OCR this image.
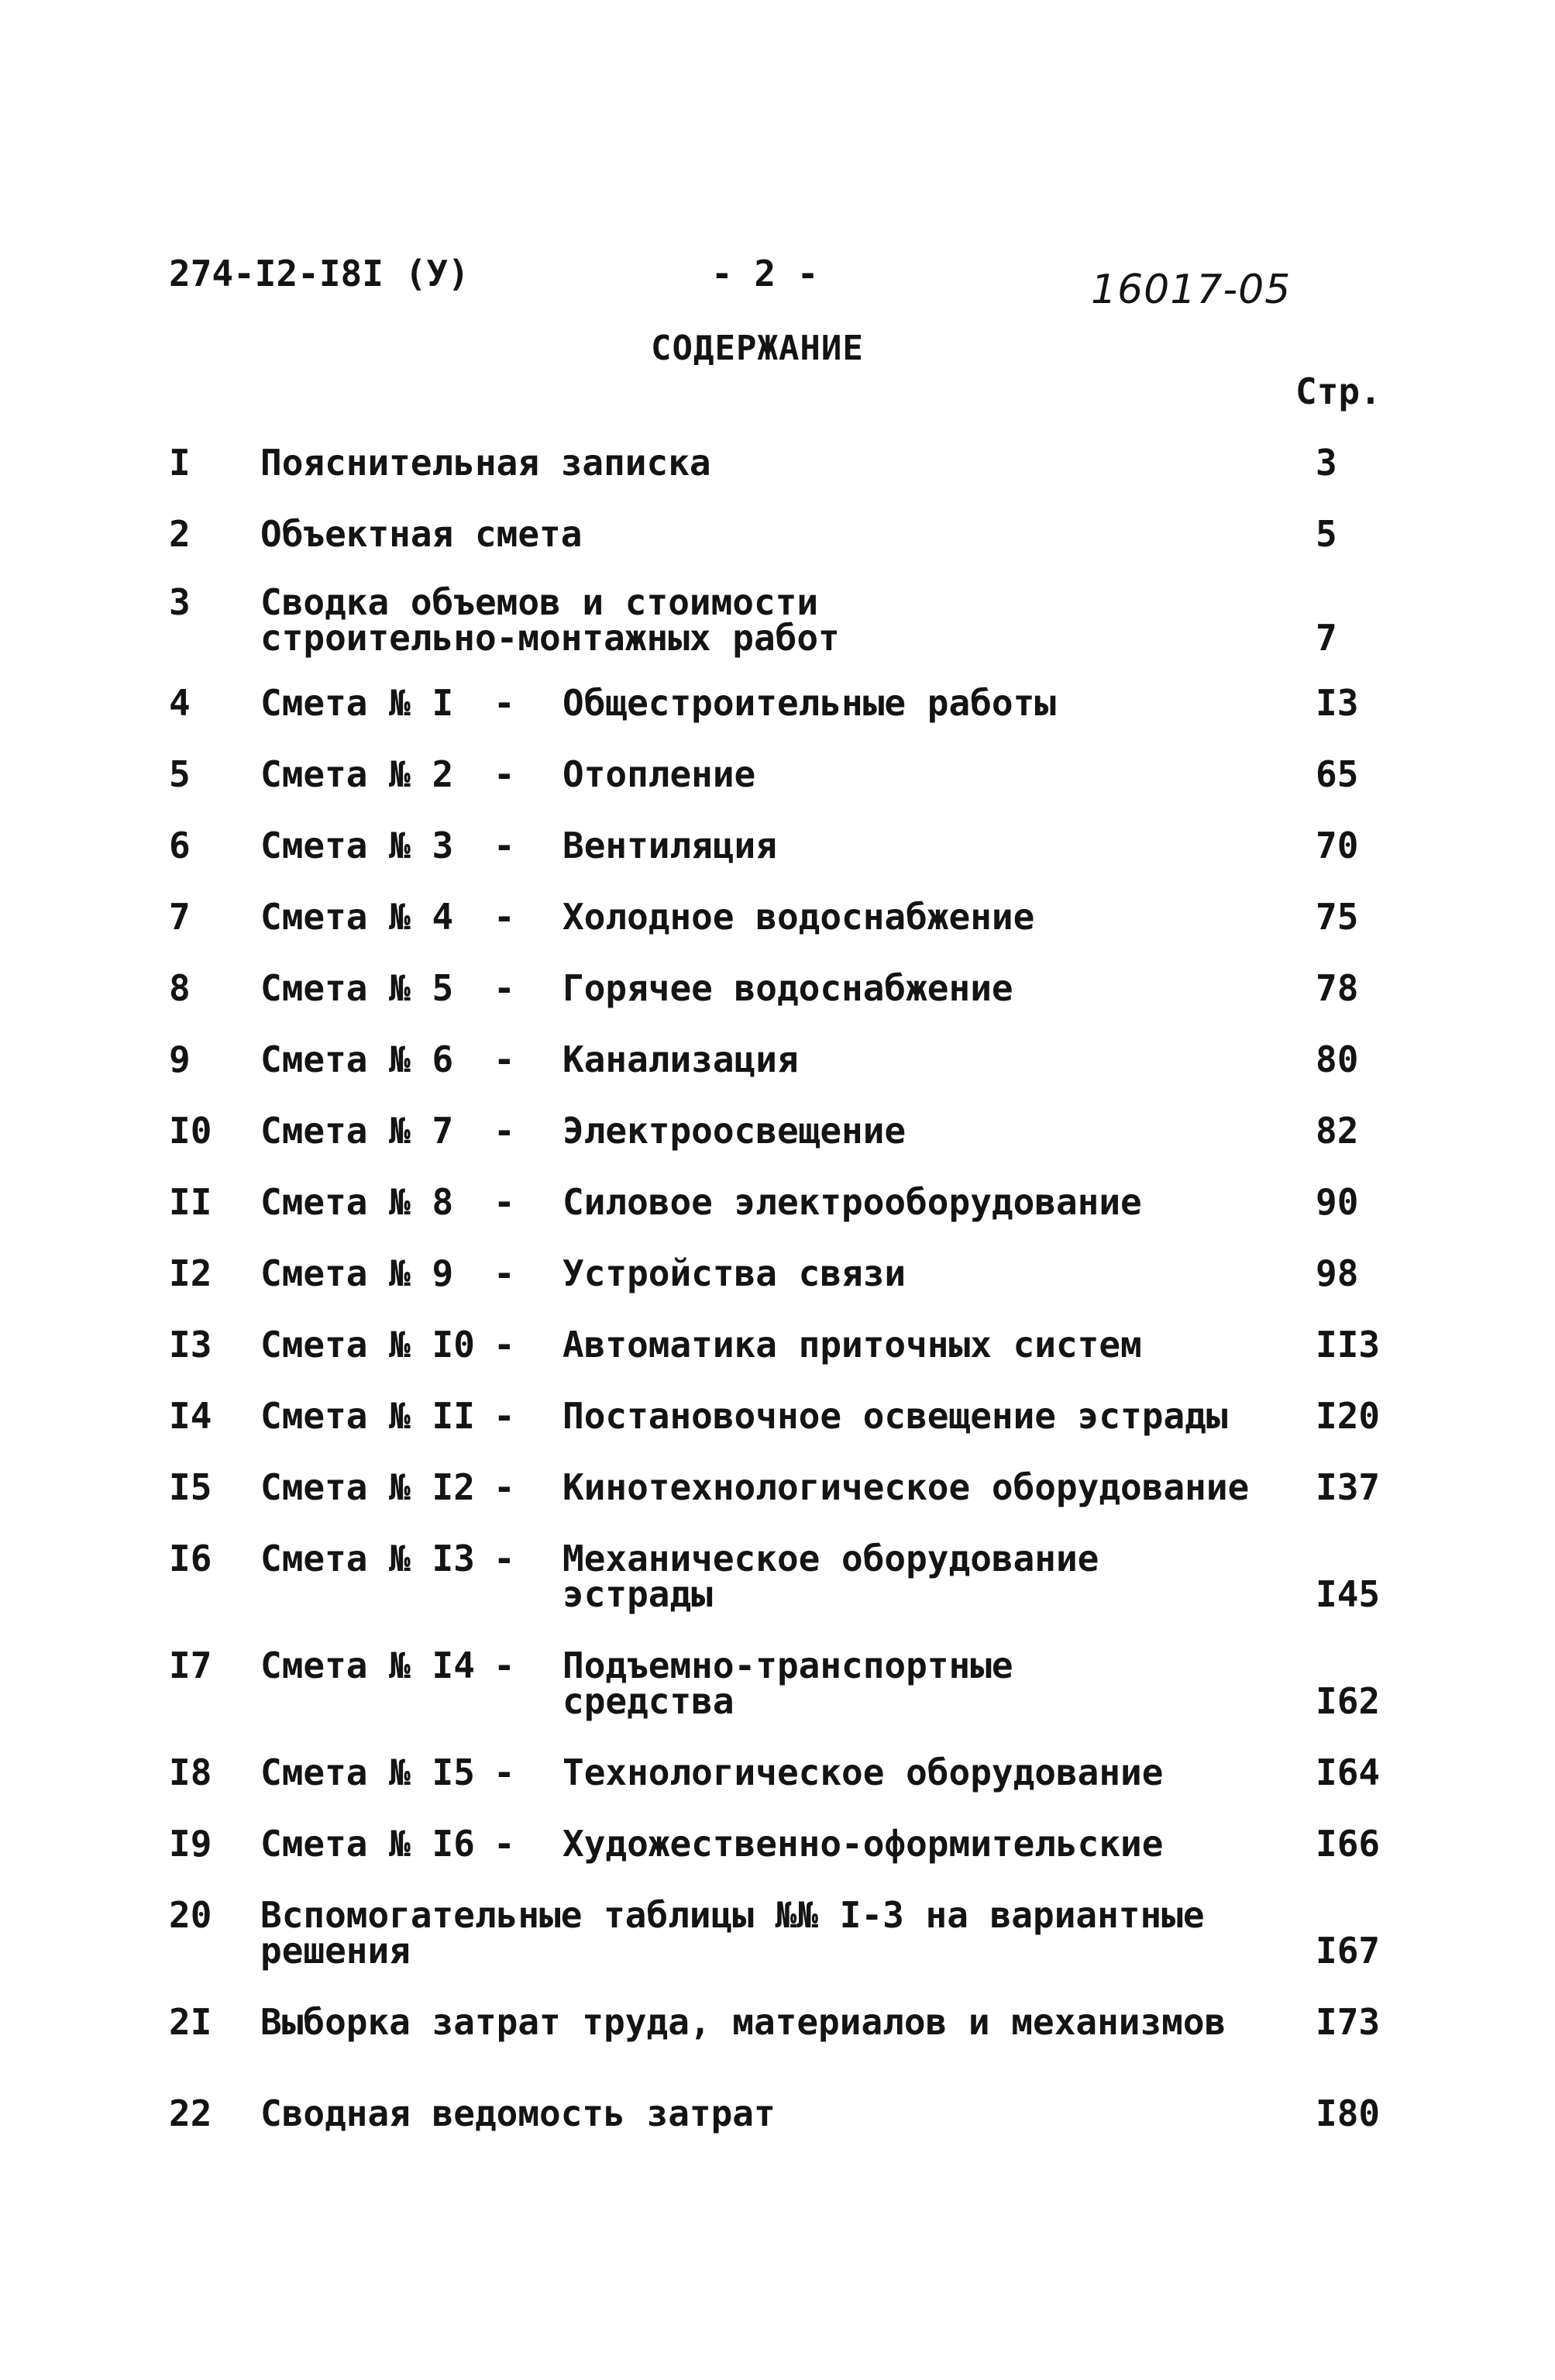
274-I2-I8I (У)	- 2 -	16017-05
СОДЕРЖАНИЕ
Стр.
I Пояснительная записка	3
2 Объектная смета	5
3 Сводка объемов и стоимости
строительно-монтажных работ	7
4 Смета № I - Общестроительные работы	I3
5 Смета № 2 - Отопление	65
6 Смета № 3 - Вентиляция	70
7 Смета № 4 - Холодное водоснабжение	75
8 Смета № 5 - Горячее водоснабжение	78
9 Смета № 6 - Канализация	80
I0 Смета № 7 - Электроосвещение	82
II Смета № 8 - Силовое электрооборудование	90
I2 Смета № 9 - Устройства связи	98
I3 Смета № I0 - Автоматика приточных систем	II3
I4 Смета № II - Постановочное освещение эстрады I20
I5 Смета № I2 - Кинотехнологическое оборудование I37
I6 Смета № I3 - Механическое оборудование
эстрады	I45
I7 Смета № I4 - Подъемно-транспортные
средства	I62
I8 Смета № I5 - Технологическое оборудование	I64
I9 Смета № I6 - Художественно-оформительские	I66
20 Вспомогательные таблицы №№ I-3 на вариантные
решения	I67
2I Выборка затрат труда, материалов и механизмов	I73
22 Сводная ведомость затрат	I80
